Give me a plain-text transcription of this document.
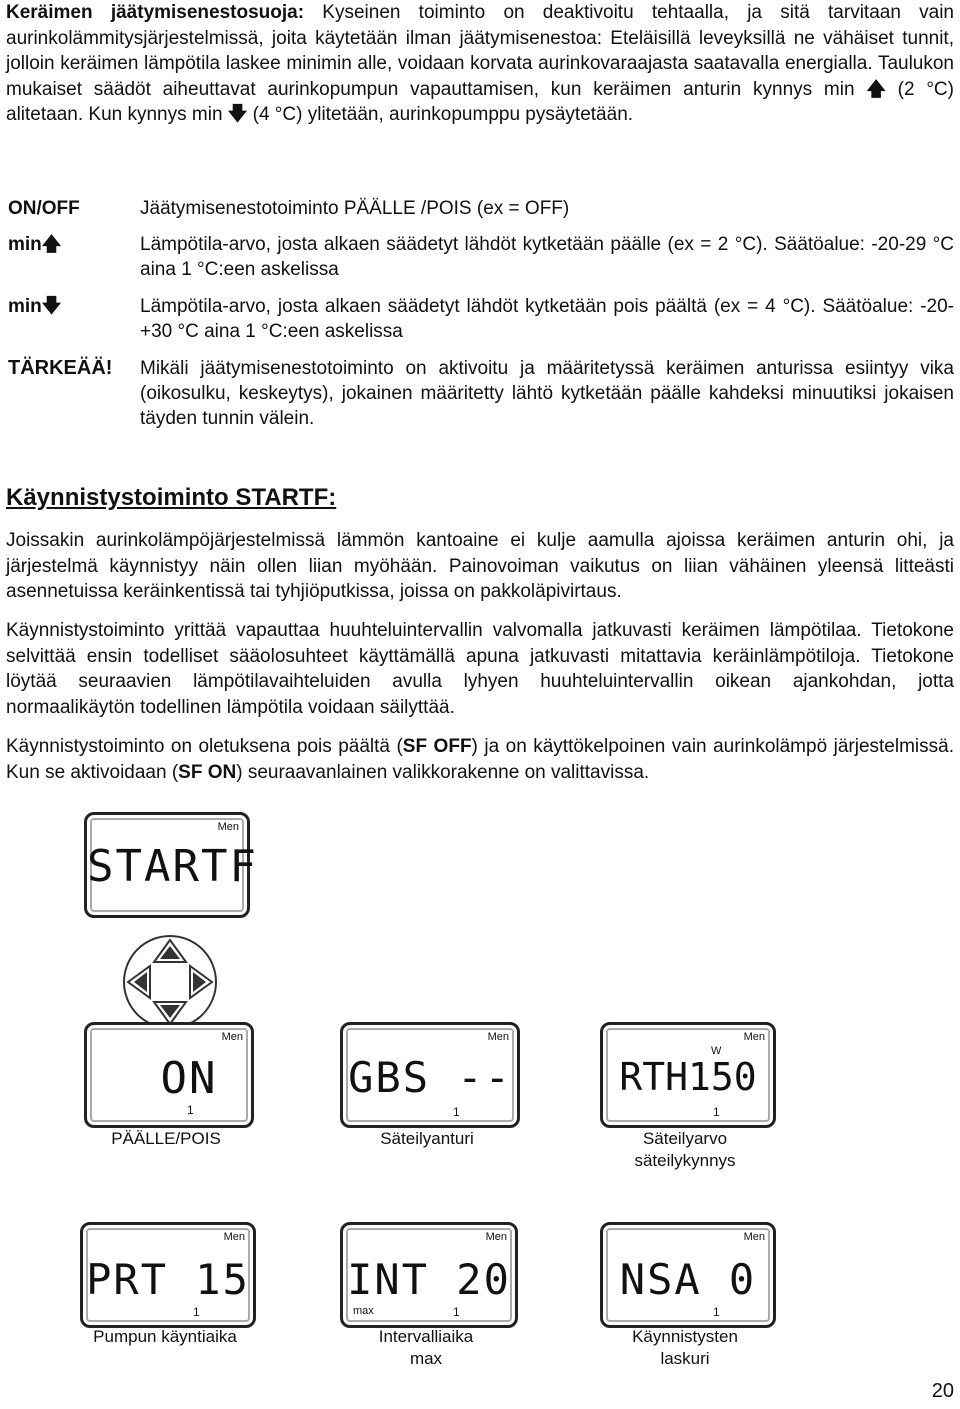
Keräimen jäätymisenestosuoja: Kyseinen toiminto on deaktivoitu tehtaalla, ja sitä tarvitaan vain aurinkolämmitysjärjestelmissä, joita käytetään ilman jäätymisenestoa: Eteläisillä leveyksillä ne vähäiset tunnit, jolloin keräimen lämpötila laskee minimin alle, voidaan korvata aurinkovaraajasta saatavalla energialla. Taulukon mukaiset säädöt aiheuttavat aurinkopumpun vapauttamisen, kun keräimen anturin kynnys min 🡅 (2 °C) alitetaan. Kun kynnys min 🡇 (4 °C) ylitetään, aurinkopumppu pysäytetään.
ON/OFF	Jäätymisenestotoiminto PÄÄLLE /POIS (ex = OFF)
min🡅	Lämpötila-arvo, josta alkaen säädetyt lähdöt kytketään päälle (ex = 2 °C). Säätöalue: -20-29 °C aina 1 °C:een askelissa
min🡇	Lämpötila-arvo, josta alkaen säädetyt lähdöt kytketään pois päältä (ex = 4 °C). Säätöalue: -20-+30 °C aina 1 °C:een askelissa
TÄRKEÄÄ! Mikäli jäätymisenestotoiminto on aktivoitu ja määritetyssä keräimen anturissa esiintyy vika (oikosulku, keskeytys), jokainen määritetty lähtö kytketään päälle kahdeksi minuutiksi jokaisen täyden tunnin välein.
Käynnistystoiminto STARTF:
Joissakin aurinkolämpöjärjestelmissä lämmön kantoaine ei kulje aamulla ajoissa keräimen anturin ohi, ja järjestelmä käynnistyy näin ollen liian myöhään. Painovoiman vaikutus on liian vähäinen yleensä litteästi asennetuissa keräinkentissä tai tyhjiöputkissa, joissa on pakkoläpivirtaus.
Käynnistystoiminto yrittää vapauttaa huuhteluintervallin valvomalla jatkuvasti keräimen lämpötilaa. Tietokone selvittää ensin todelliset sääolosuhteet käyttämällä apuna jatkuvasti mitattavia keräinlämpötiloja. Tietokone löytää seuraavien lämpötilavaihteluiden avulla lyhyen huuhteluintervallin oikean ajankohdan, jotta normaalikäytön todellinen lämpötila voidaan säilyttää.
Käynnistystoiminto on oletuksena pois päältä (SF OFF) ja on käyttökelpoinen vain aurinkolämpö järjestelmissä. Kun se aktivoidaan (SF ON) seuraavanlainen valikkorakenne on valittavissa.
Men
STARTF
Men
ON
1
PÄÄLLE/POIS
Men
GBS --
1
Säteilyanturi
Men
W
RTH150
1
Säteilyarvo
säteilykynnys
Men
PRT 15
1
Pumpun käyntiaika
Men
INT 20
max	1
Intervalliaika
max
Men
NSA 0
1
Käynnistysten
laskuri
20
